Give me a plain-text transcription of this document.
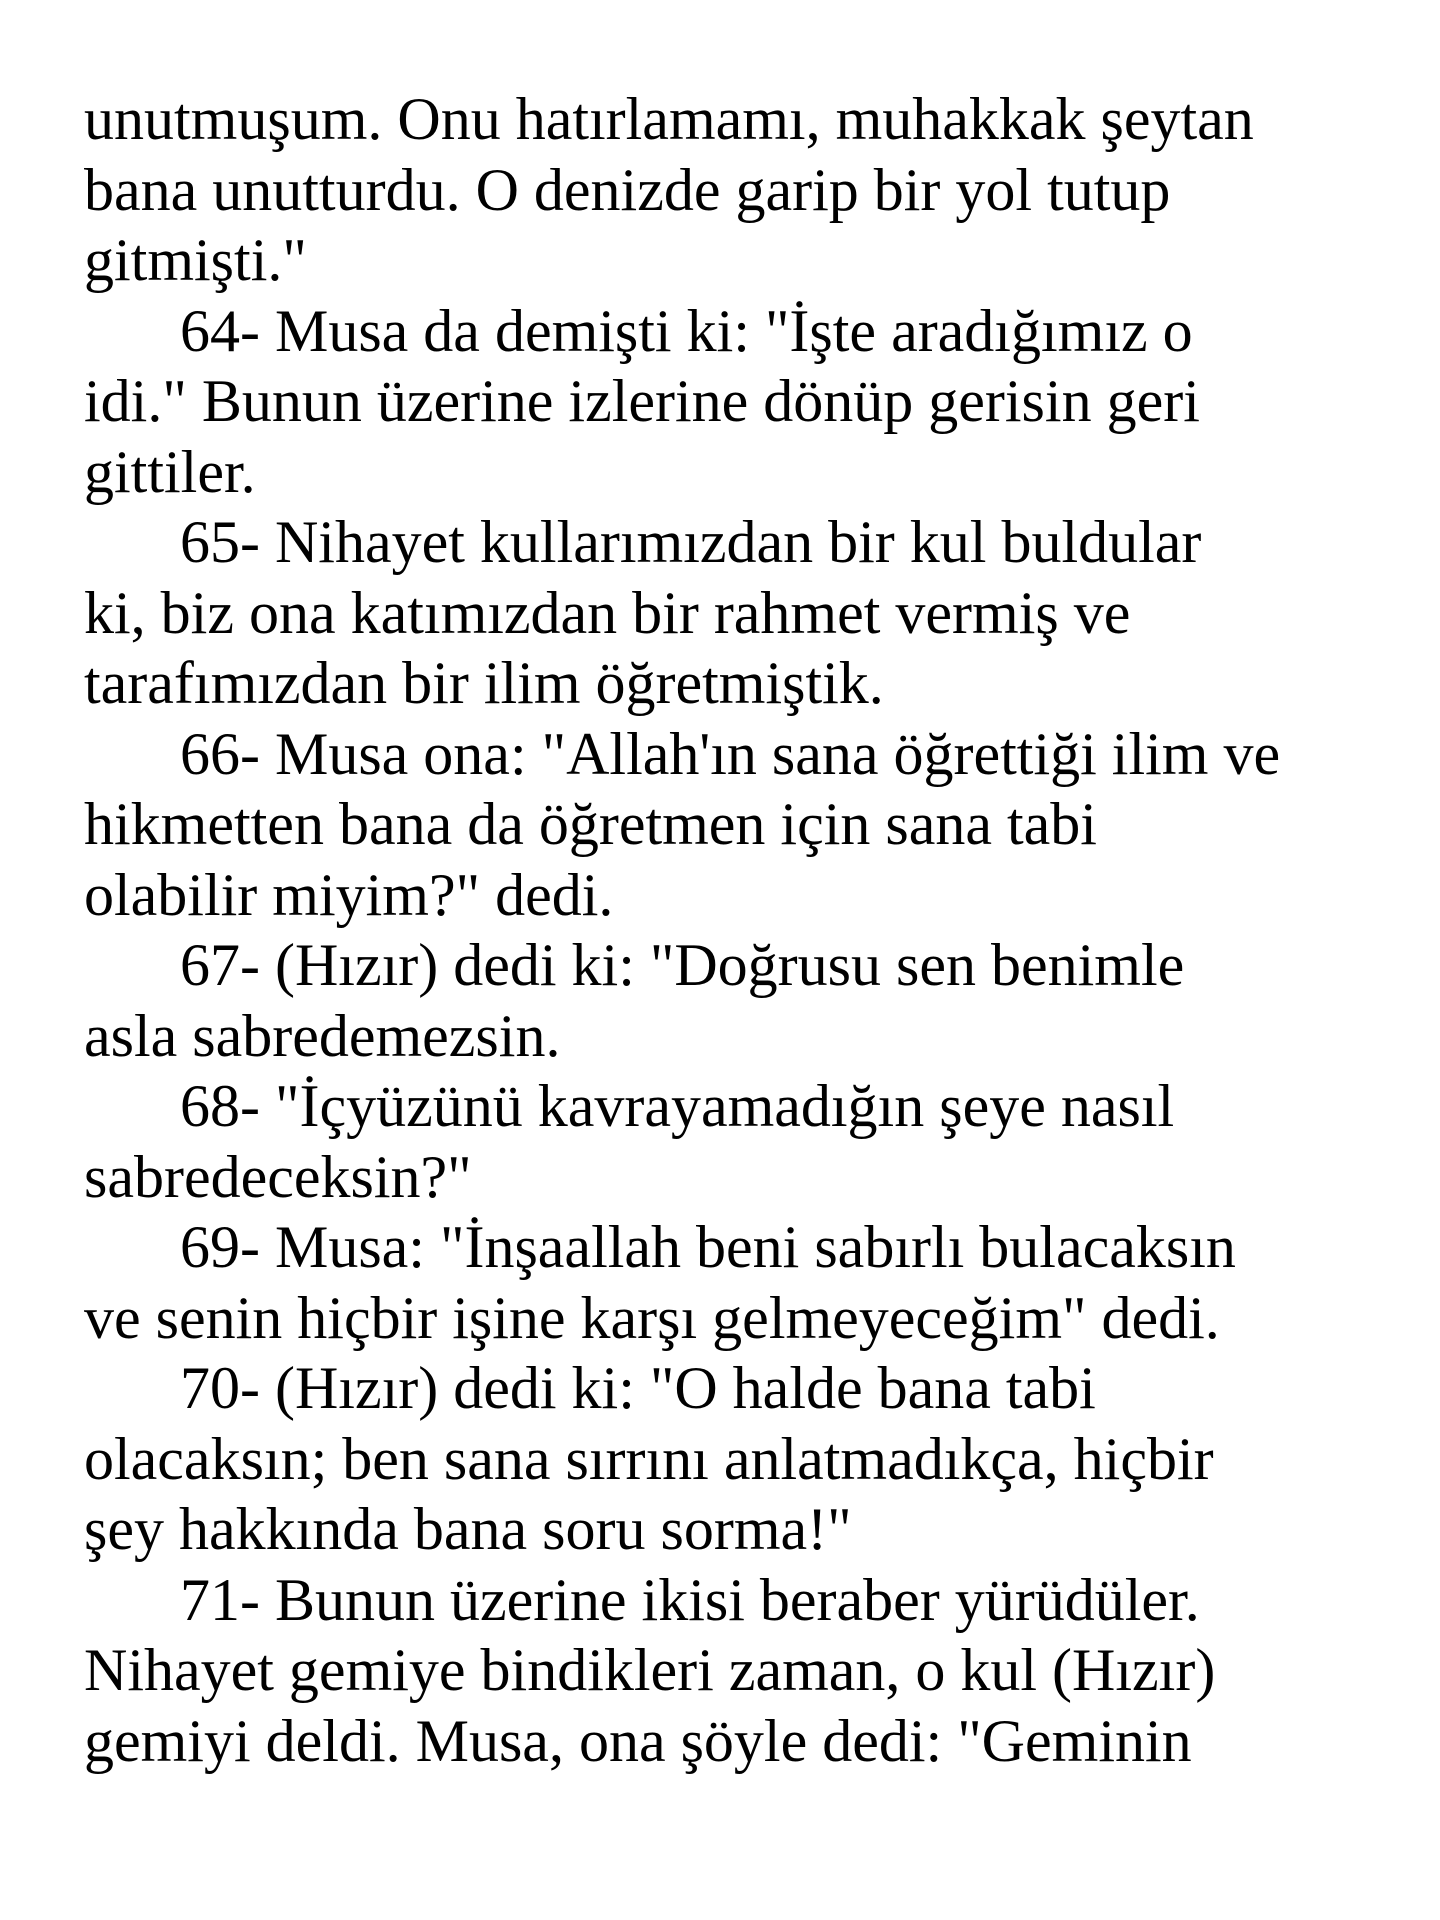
unutmuşum. Onu hatırlamamı, muhakkak şeytan
bana unutturdu. O denizde garip bir yol tutup
gitmişti."
64- Musa da demişti ki: "İşte aradığımız o
idi." Bunun üzerine izlerine dönüp gerisin geri
gittiler.
65- Nihayet kullarımızdan bir kul buldular
ki, biz ona katımızdan bir rahmet vermiş ve
tarafımızdan bir ilim öğretmiştik.
66- Musa ona: "Allah'ın sana öğrettiği ilim ve
hikmetten bana da öğretmen için sana tabi
olabilir miyim?" dedi.
67- (Hızır) dedi ki: "Doğrusu sen benimle
asla sabredemezsin.
68- "İçyüzünü kavrayamadığın şeye nasıl
sabredeceksin?"
69- Musa: "İnşaallah beni sabırlı bulacaksın
ve senin hiçbir işine karşı gelmeyeceğim" dedi.
70- (Hızır) dedi ki: "O halde bana tabi
olacaksın; ben sana sırrını anlatmadıkça, hiçbir
şey hakkında bana soru sorma!"
71- Bunun üzerine ikisi beraber yürüdüler.
Nihayet gemiye bindikleri zaman, o kul (Hızır)
gemiyi deldi. Musa, ona şöyle dedi: "Geminin
